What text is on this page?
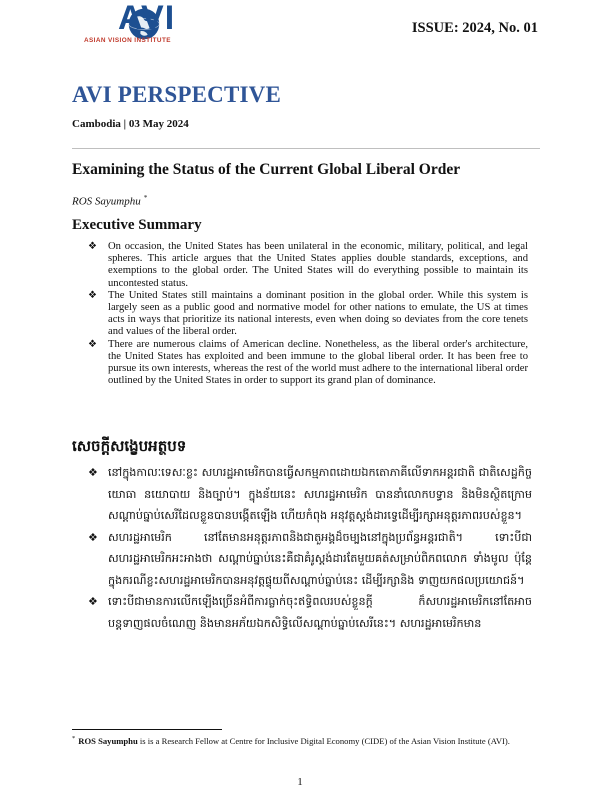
AVI
ASIAN VISION INSTITUTE
ISSUE: 2024, No. 01
AVI PERSPECTIVE
Cambodia | 03 May 2024
Examining the Status of the Current Global Liberal Order
ROS Sayumphu *
Executive Summary
❖ On occasion, the United States has been unilateral in the economic, military, political, and legal spheres. This article argues that the United States applies double standards, exceptions, and exemptions to the global order. The United States will do everything possible to maintain its uncontested status.
❖ The United States still maintains a dominant position in the global order. While this system is largely seen as a public good and normative model for other nations to emulate, the US at times acts in ways that prioritize its national interests, even when doing so deviates from the core tenets and values of the liberal order.
❖ There are numerous claims of American decline. Nonetheless, as the liberal order's architecture, the United States has exploited and been immune to the global liberal order. It has been free to pursue its own interests, whereas the rest of the world must adhere to the international liberal order outlined by the United States in order to support its grand plan of dominance.
សេចក្តីសង្ខេបអត្ថបទ
❖ នៅក្នុងកាលៈទេសៈខ្លះ សហរដ្ឋអាមេរិកបានធ្វើសកម្មភាពដោយឯកតោភាគីលើទាកអន្តរជាតិ ជាតិសេដ្ឋកិច្ច យោធា នយោបាយ និងច្បាប់។ ក្នុងន័យនេះ សហរដ្ឋអាមេរិក បាននាំលោកបទ្ធាន និងមិនស្ថិតក្រោមសណ្តាប់ធ្នាប់សេរីដែលខ្លួនបានបង្កើតឡើង ហើយកំពុង អនុវត្តស្តង់ដារទ្វេដើម្បីរក្សាអនុត្តរភាពរបស់ខ្លួន។
❖ សហរដ្ឋអាមេរិក នៅតែមានអនុត្តរភាពនិងជាតួអង្គដ៏ចម្បងនៅក្នុងប្រព័ន្ធអន្តរជាតិ។ ទោះបីជា សហរដ្ឋអាមេរិកអះអាងថា សណ្តាប់ធ្នាប់នេះគឺជាគំរូស្តង់ដារតែមួយគត់សម្រាប់ពិភពលោក ទាំងមូល ប៉ុន្តែក្នុងករណីខ្លះសហរដ្ឋអាមេរិកបានអនុវត្តផ្ទុយពីសណ្តាប់ធ្នាប់នេះ ដើម្បីរក្សានិង ទាញយកផលប្រយោជន៍។
❖ ទោះបីជាមានការលើកឡើងច្រើនអំពីការធ្លាក់ចុះឥទ្ធិពលរបស់ខ្លួនក្តី ក៏សហរដ្ឋអាមេរិកនៅតែអាច បន្តទាញផលចំណេញ និងមានអភ័យឯកសិទ្ធិលើសណ្តាប់ធ្នាប់សេរីនេះ។ សហរដ្ឋអាមេរិកមាន
* ROS Sayumphu is is a Research Fellow at Centre for Inclusive Digital Economy (CIDE) of the Asian Vision Institute (AVI).
1
